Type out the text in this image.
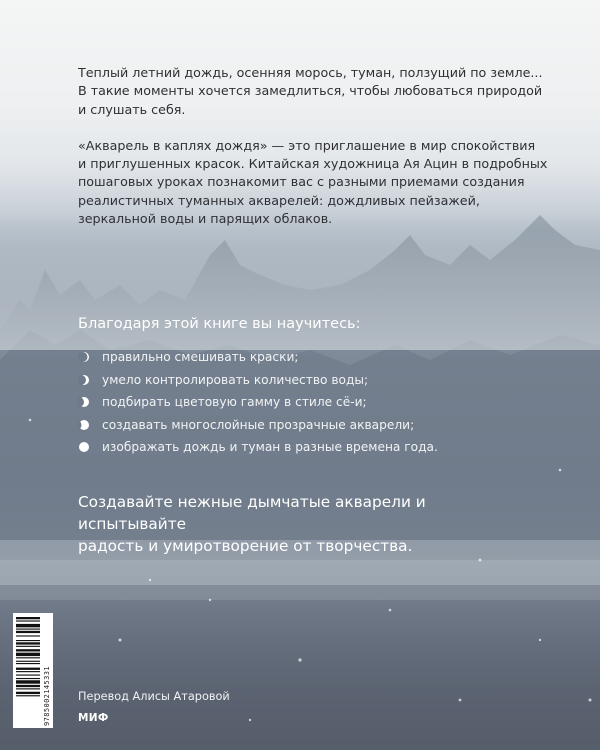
Теплый летний дождь, осенняя морось, туман, ползущий по земле...
В такие моменты хочется замедлиться, чтобы любоваться природой
и слушать себя.

«Акварель в каплях дождя» — это приглашение в мир спокойствия
и приглушенных красок. Китайская художница Ая Ацин в подробных
пошаговых уроках познакомит вас с разными приемами создания
реалистичных туманных акварелей: дождливых пейзажей,
зеркальной воды и парящих облаков.

Благодаря этой книге вы научитесь:
правильно смешивать краски;
умело контролировать количество воды;
подбирать цветовую гамму в стиле сё-и;
создавать многослойные прозрачные акварели;
изображать дождь и туман в разные времена года.

Создавайте нежные дымчатые акварели и испытывайте
радость и умиротворение от творчества.

9785002145331 Перевод Алисы Атаровой

МИФ
